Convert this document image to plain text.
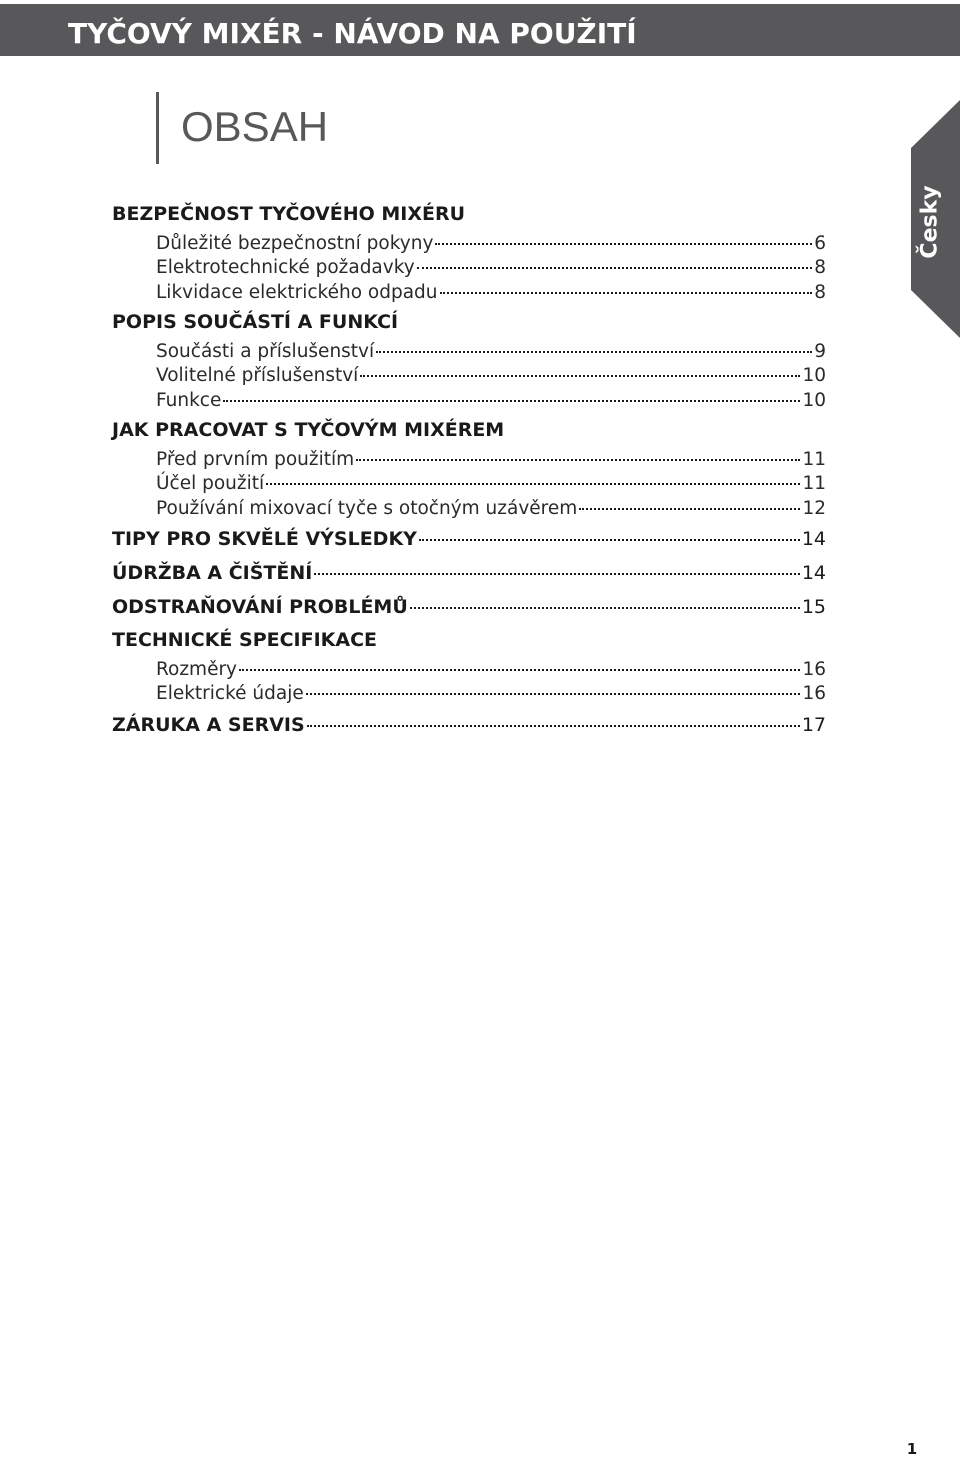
TYČOVÝ MIXÉR - NÁVOD NA POUŽITÍ
OBSAH
Česky
BEZPEČNOST TYČOVÉHO MIXÉRU
Důležité bezpečnostní pokyny	6
Elektrotechnické požadavky	8
Likvidace elektrického odpadu	8
POPIS SOUČÁSTÍ A FUNKCÍ
Součásti a příslušenství	9
Volitelné příslušenství	10
Funkce	10
JAK PRACOVAT S TYČOVÝM MIXÉREM
Před prvním použitím	11
Účel použití	11
Používání mixovací tyče s otočným uzávěrem	12
TIPY PRO SKVĚLÉ VÝSLEDKY	14
ÚDRŽBA A ČIŠTĚNÍ	14
ODSTRAŇOVÁNÍ PROBLÉMŮ	15
TECHNICKÉ SPECIFIKACE
Rozměry	16
Elektrické údaje	16
ZÁRUKA A SERVIS	17
1
